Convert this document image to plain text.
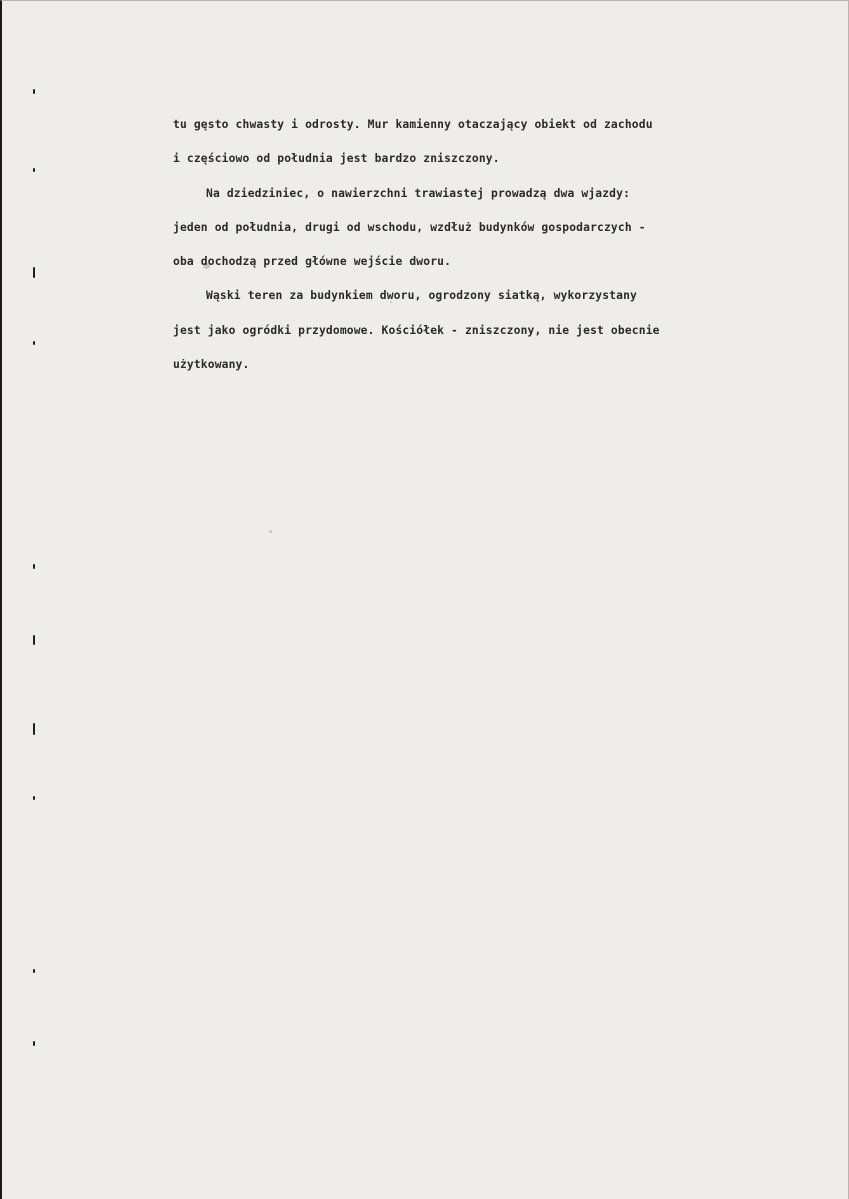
tu gęsto chwasty i odrosty. Mur kamienny otaczający obiekt od zachodu
i częściowo od południa jest bardzo zniszczony.
Na dziedziniec, o nawierzchni trawiastej prowadzą dwa wjazdy:
jeden od południa, drugi od wschodu, wzdłuż budynków gospodarczych -
oba dochodzą przed główne wejście dworu.
Wąski teren za budynkiem dworu, ogrodzony siatką, wykorzystany
jest jako ogródki przydomowe. Kościółek - zniszczony, nie jest obecnie
użytkowany.
